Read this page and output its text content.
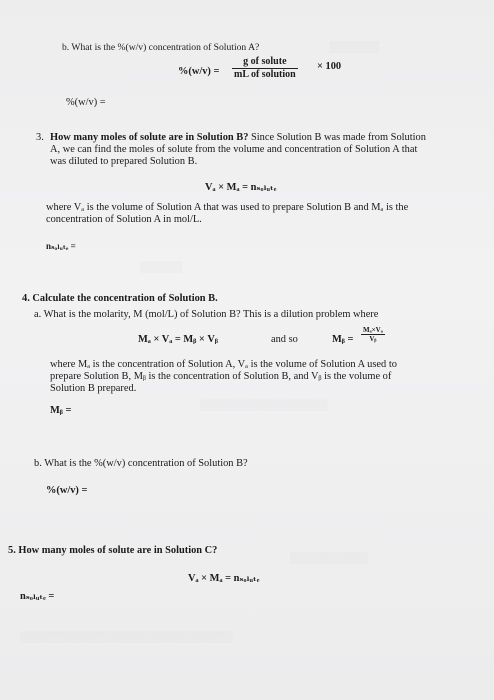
▒▒▒▒▒▒▒
▒▒▒▒▒▒
▒▒▒▒▒▒▒▒▒▒▒▒▒▒▒▒▒▒
▒▒▒▒▒▒▒▒▒▒▒
▒▒▒▒▒▒▒▒▒▒▒▒▒▒▒▒▒▒▒▒▒▒▒▒▒▒▒▒▒▒
b. What is the %(w/v) concentration of Solution A?
%(w/v) =
g of solute
mL of solution
× 100
%(w/v) =
3. How many moles of solute are in Solution B? Since Solution B was made from Solution
A, we can find the moles of solute from the volume and concentration of Solution A that
was diluted to prepared Solution B.
Vₐ × Mₐ = nₛₒₗᵤₜₑ
where Vₐ is the volume of Solution A that was used to prepare Solution B and Mₐ is the
concentration of Solution A in mol/L.
nₛₒₗᵤₜₑ =
4. Calculate the concentration of Solution B.
a. What is the molarity, M (mol/L) of Solution B? This is a dilution problem where
Mₐ × Vₐ = Mᵦ × Vᵦ	and so	Mᵦ = $\frac{\text{Mₐ×Vₐ}}{\text{Vᵦ}}$
where Mₐ is the concentration of Solution A, Vₐ is the volume of Solution A used to
prepare Solution B, Mᵦ is the concentration of Solution B, and Vᵦ is the volume of
Solution B prepared.
Mᵦ =
b. What is the %(w/v) concentration of Solution B?
%(w/v) =
5. How many moles of solute are in Solution C?
Vₐ × Mₐ = nₛₒₗᵤₜₑ
nₛₒₗᵤₜₑ =
